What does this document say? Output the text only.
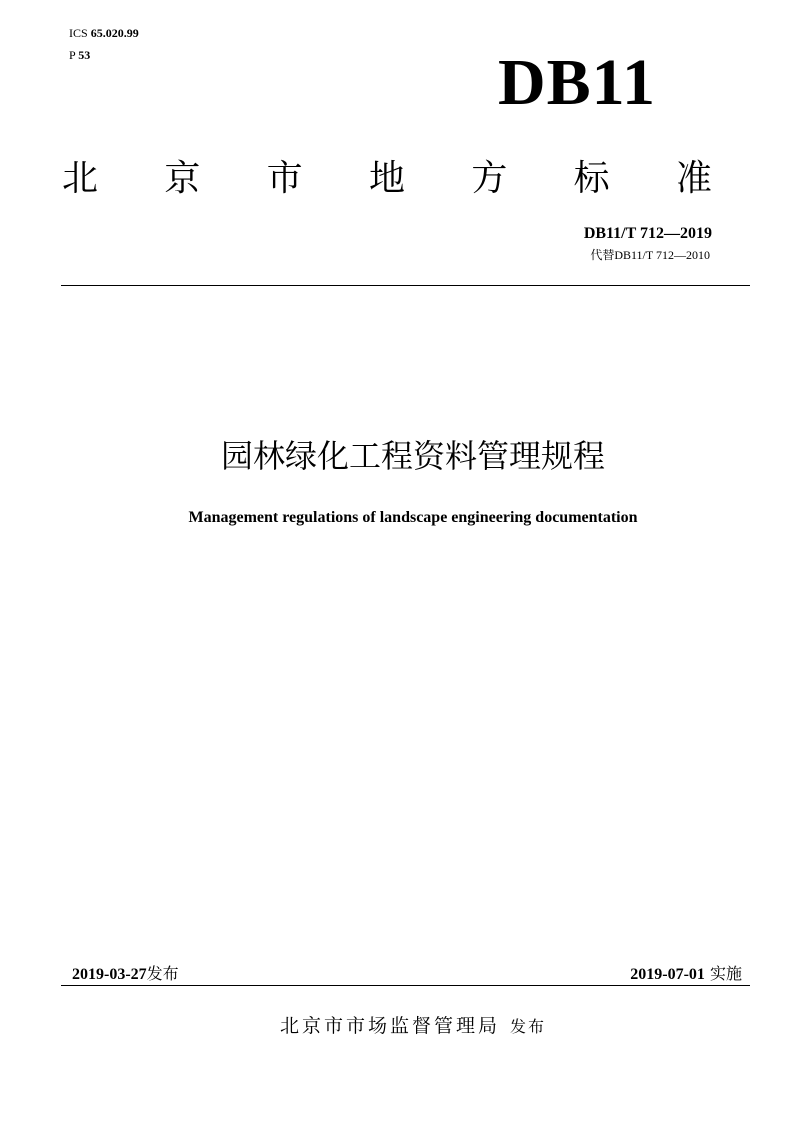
ICS 65.020.99
P 53	DB11
北 京 市 地 方 标 准
DB11/T 712—2019
代替DB11/T 712—2010
园林绿化工程资料管理规程
Management regulations of landscape engineering documentation
2019-03-27发布	2019-07-01 实施
北京市市场监督管理局 发布
